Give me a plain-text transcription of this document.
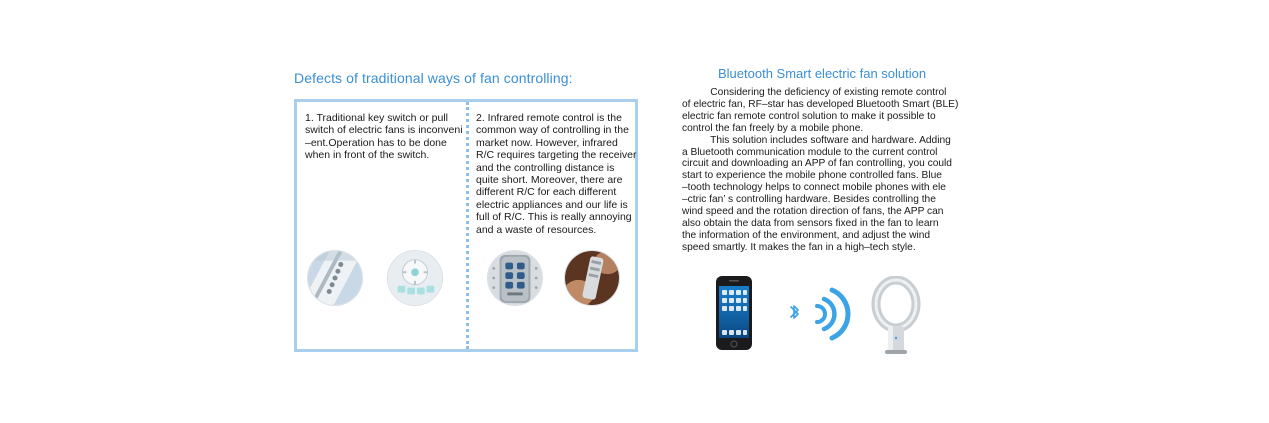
Defects of traditional ways of fan controlling:
1. Traditional key switch or pull
switch of electric fans is inconveni
–ent.Operation has to be done
when in front of the switch.
2. Infrared remote control is the
common way of controlling in the
market now. However, infrared
R/C requires targeting the receiver
and the controlling distance is
quite short. Moreover, there are
different R/C for each different
electric appliances and our life is
full of R/C. This is really annoying
and a waste of resources.
Bluetooth Smart electric fan solution
Considering the deficiency of existing remote control
of electric fan, RF–star has developed Bluetooth Smart (BLE)
electric fan remote control solution to make it possible to
control the fan freely by a mobile phone.
This solution includes software and hardware. Adding
a Bluetooth communication module to the current control
circuit and downloading an APP of fan controlling, you could
start to experience the mobile phone controlled fans. Blue
–tooth technology helps to connect mobile phones with ele
–ctric fan’ s controlling hardware. Besides controlling the
wind speed and the rotation direction of fans, the APP can
also obtain the data from sensors fixed in the fan to learn
the information of the environment, and adjust the wind
speed smartly. It makes the fan in a high–tech style.
